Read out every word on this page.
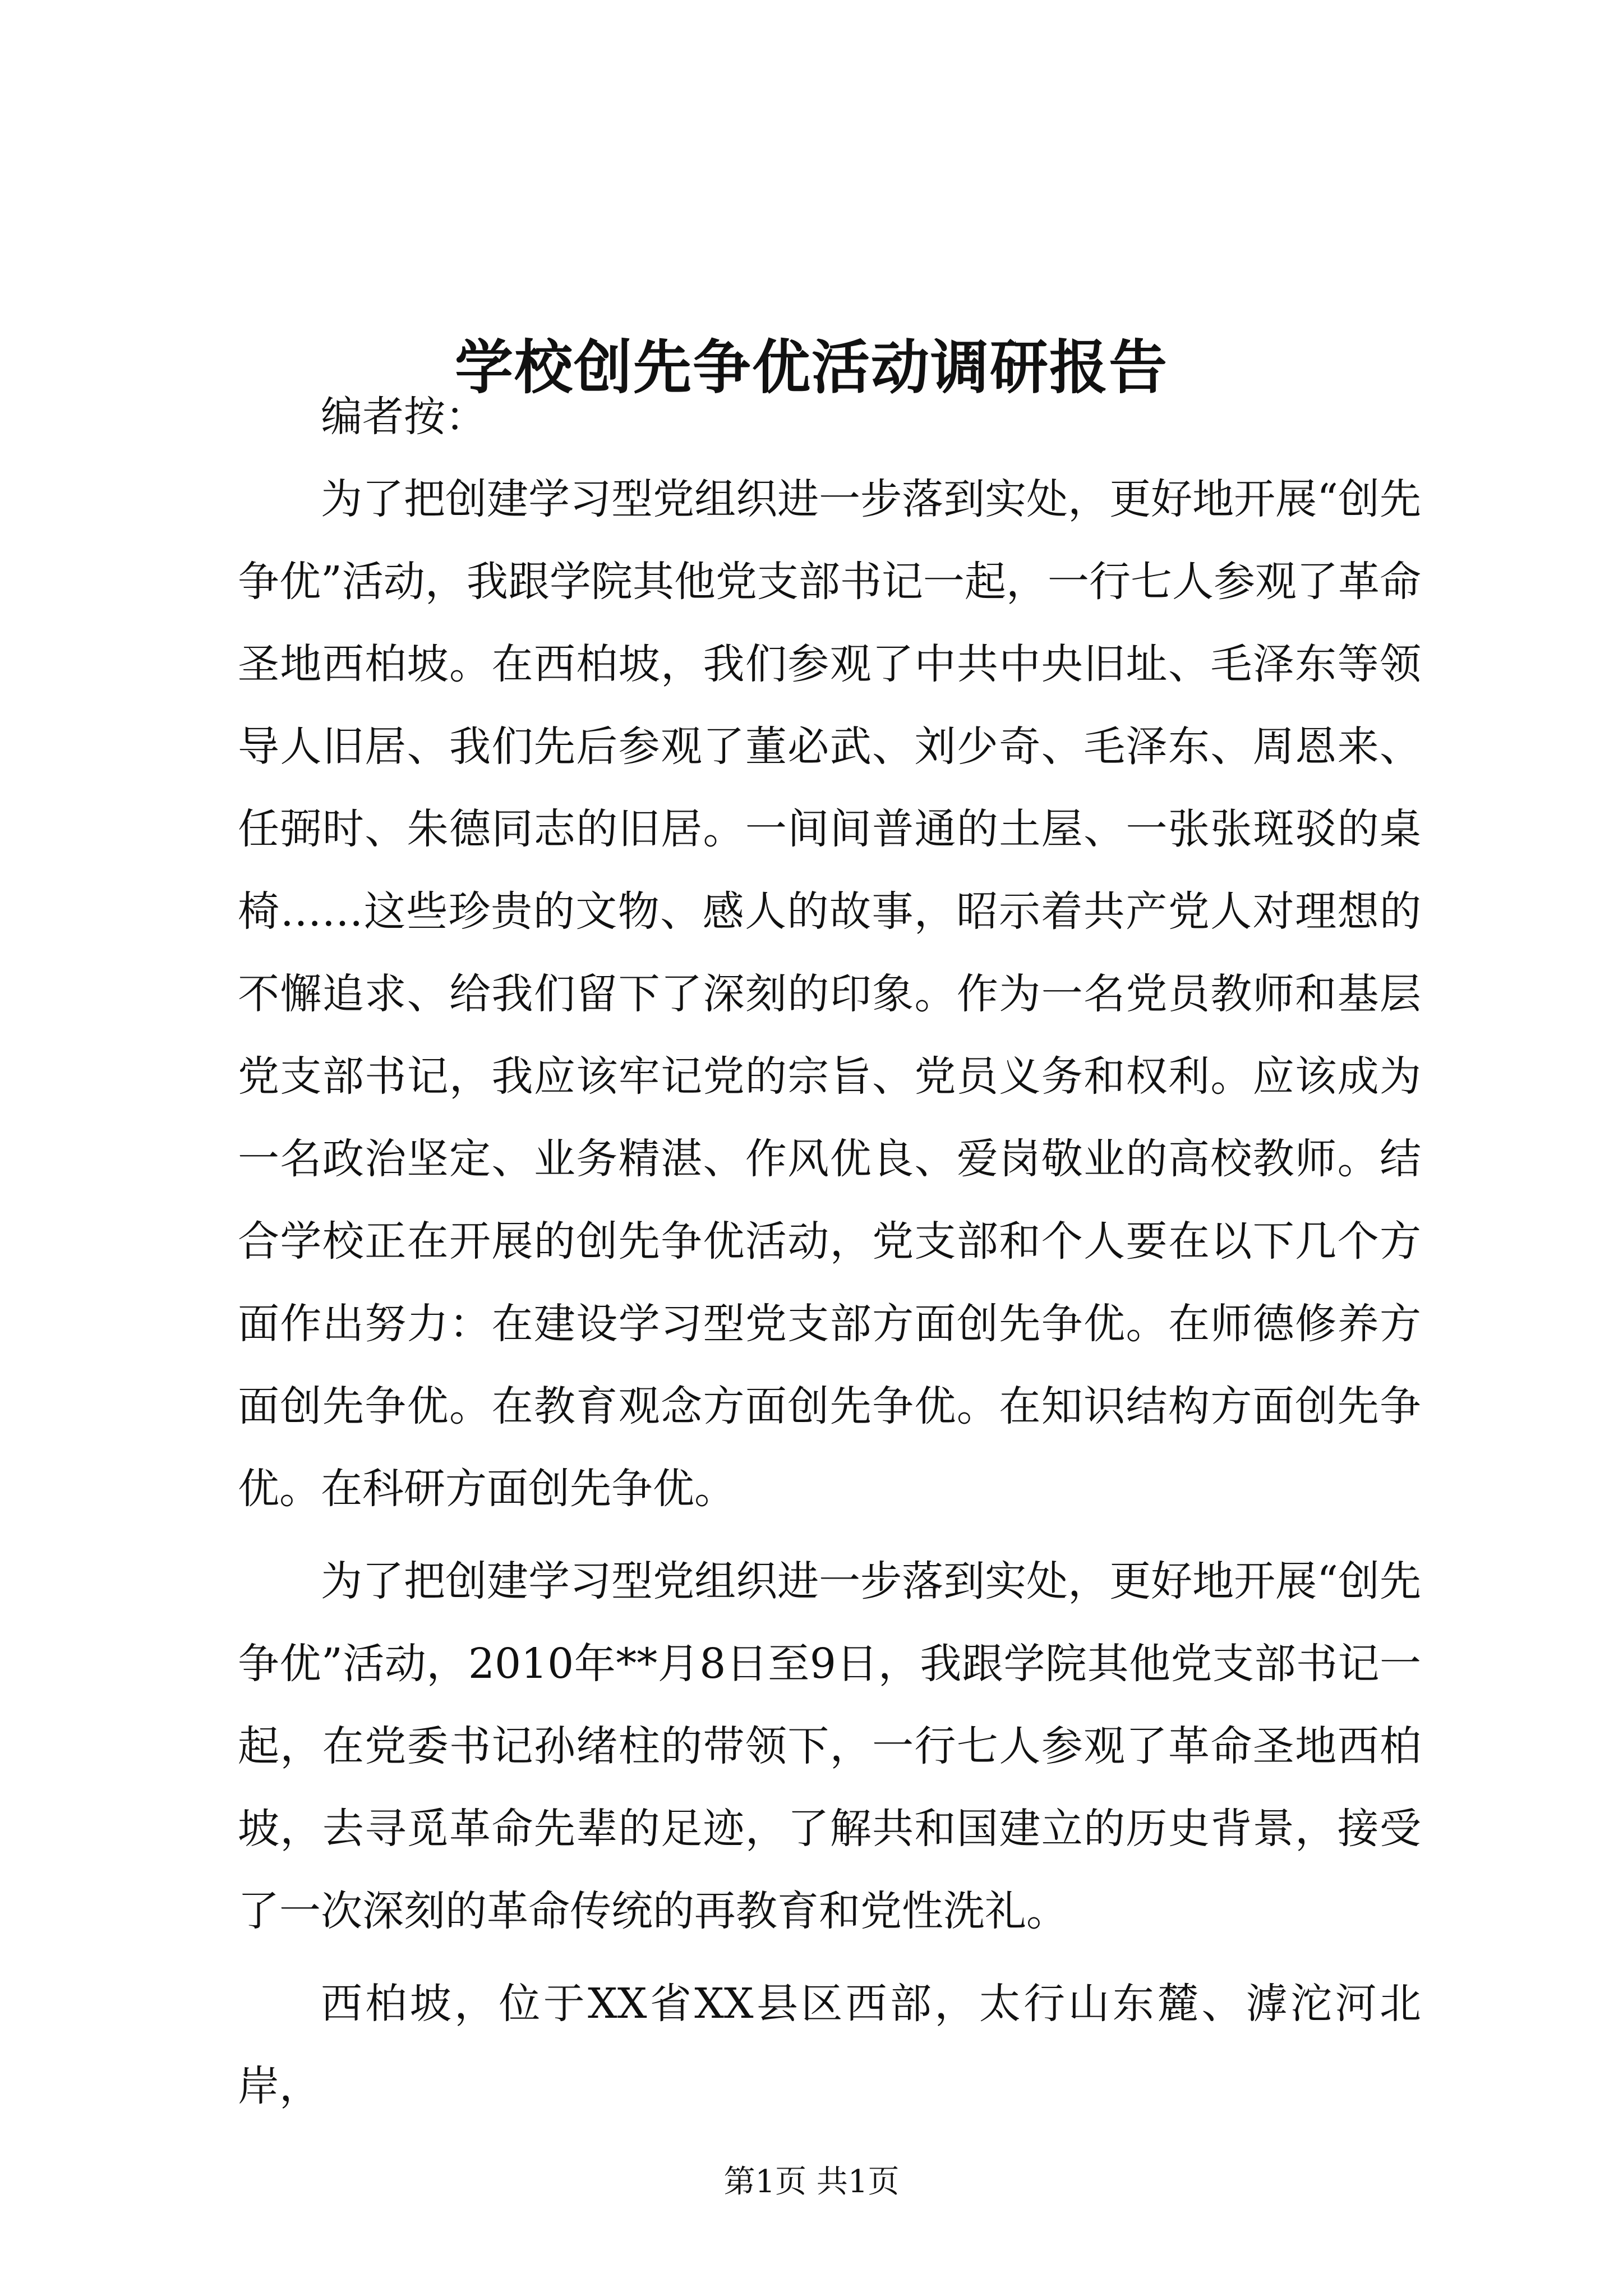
学校创先争优活动调研报告

编者按：

为了把创建学习型党组织进一步落到实处，更好地开展“创先争优”活动，我跟学院其他党支部书记一起，一行七人参观了革命圣地西柏坡。在西柏坡，我们参观了中共中央旧址、毛泽东等领导人旧居、我们先后参观了董必武、刘少奇、毛泽东、周恩来、任弼时、朱德同志的旧居。一间间普通的土屋、一张张斑驳的桌椅……这些珍贵的文物、感人的故事，昭示着共产党人对理想的不懈追求、给我们留下了深刻的印象。作为一名党员教师和基层党支部书记，我应该牢记党的宗旨、党员义务和权利。应该成为一名政治坚定、业务精湛、作风优良、爱岗敬业的高校教师。结合学校正在开展的创先争优活动，党支部和个人要在以下几个方面作出努力：在建设学习型党支部方面创先争优。在师德修养方面创先争优。在教育观念方面创先争优。在知识结构方面创先争优。在科研方面创先争优。

为了把创建学习型党组织进一步落到实处，更好地开展“创先争优”活动，2010年**月8日至9日，我跟学院其他党支部书记一起，在党委书记孙绪柱的带领下，一行七人参观了革命圣地西柏坡，去寻觅革命先辈的足迹，了解共和国建立的历史背景，接受了一次深刻的革命传统的再教育和党性洗礼。

西柏坡，位于XX省XX县区西部，太行山东麓、滹沱河北岸，

第1页 共1页
